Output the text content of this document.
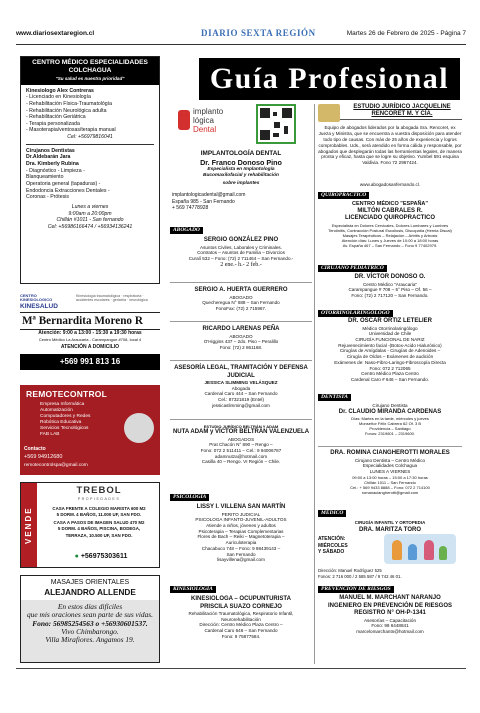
www.diariosextaregion.cl	DIARIO SEXTA REGIÓN	Martes 26 de Febrero de 2025 - Página 7
CENTRO MÉDICO ESPECIALIDADES COLCHAGUA
"Su salud es nuestra prioridad"
Kinesiologo Alex Contreras
- Licenciado en Kinesiología
- Rehabilitación Física-Traumatológía
- Rehabilitación Neurológica adulta
- Rehabilitación Geriátrica
- Terapia personalizada
- Masoterapia/ventosas/terapia manual
Cel: +56979816041
Cirujanos Dentistas
Dr.Aldebarán Jara
Dra. Kimberly Rubina
- Diagnóstico - Limpieza -
Blanqueamiento
Operatoria general (tapaduras) -
Endodoncia Extracciones Dentales -
Coronas - Prótesis
Lunes a viernes
9:00am a 20:00pm
Chillán #1011 - San fernando
Cel: +56986166474 / +56934136241
CENTRO KINESIOLOGICO
KINESALUD
Kinesiología traumatológica · respiratoria · accidentes escolares · geriatría · neurológica
Mª Bernardita Moreno R
Atención: 9:00 a 13:00 - 15:30 a 19:30 horas
Centro Médico La Araucaria - Carampangue #708, local 4
ATENCIÓN A DOMICILIO
+569 991 813 16
REMOTECONTROL
Empresa Informática
Automatización
Computadores y Redes
Robótica Educativa
Servicios Tecnológicos
FAB LAB
Contacto
+569 94912680
remotecontrolspa@gmail.com
VENDE
TREBOL
PROPIEDADES
CASA FRENTE A COLEGIO MARISTA 600 M2
5 DORM. 4 BAÑOS, 11.000 UF, SAN FDO.
CASA A PASOS DE IMAGEN SALUD 470 M2
5 DORM. 4 BAÑOS, PISCINA, BODEGA,
TERRAZA, 10.500 UF, SAN FDO.
● +56975303611
MASAJES ORIENTALES
ALEJANDRO ALLENDE
En estos días difíciles
que mis oraciones sean parte de sus vidas.
Fono: 56985254563 o +56930601537.
Vivo Chimbarongo.
Villa Mirafiores. Angamos 19.
Guía Profesional
implanto
lógica
Dental
IMPLANTOLOGÍA DENTAL
Dr. Franco Donoso Pino
Especialista en Implantología
Bucomaxilofacial y rehabilitación
sobre implantes
implantologicadental@gmail.com
España 985 - San Fernando
+ 569 74778928
ABOGADO
SERGIO GONZÁLEZ PINO
Asuntos Civiles, Laborales y Criminales.
Contratos – Asuntos de Familia – Divorcios
Curalí 532 – Fono: (72) 2 711464 – San Fernando.-
2 ene.- h.- 2 feb.-
SERGIO A. HUERTA GUERRERO
ABOGADO
Quecheregua N° 688 – San Fernando
FonoFax: (72) 2 715967.
RICARDO LARENAS PEÑA
ABOGADO
O'Higgins 437 – 2do. Piso – Peralillo
Fono: (72) 2 861168.
ASESORÍA LEGAL, TRAMITACIÓN Y DEFENSA JUDICIAL
JESSICA SLIMMING VELÁSQUEZ
Abogada
Cardenal Caro 444 – San Fernando
Cel.: 87321819 (Entel)
jessicaslimming@gmail.com
ESTUDIO JURÍDICO BELTRÁN Y ADAM
NUTA ADAM y VÍCTOR BELTRÁN VALENZUELA
ABOGADOS
Prat Chacón N° 890 – Rengo –
Fono: 072 2 511411 – Cel.: 9 94006787
adamnutza@hotmail.com
Casilla 40 – Rengo. VI Región – Chile.
PSICOLOGÍA
LISSY I. VILLENA SAN MARTÍN
PERITO JUDICIAL
PSICOLOGA INFANTO-JUVENIL-ADULTOS
Atiende a niños, jóvenes y adultos
Psicoterapia – Terapias Complementarias
Flores de Bach – Reiki – Magnetoterapia –
Auriculoterapia
Chacabuco 748 – Fono: 9 98439143 –
San Fernando
lisayvillena@gmail.com
KINESIOLOGÍA
KINESIOLOGA – OCUPUNTURISTA
PRISCILA SUAZO CORNEJO
Rehabilitación Traumatológica, Respiratorio Infantil,
Neurorehabilitación
Dirección: Centro Médico Plaza Centro –
Cardenal Caro 646 – San Fernando
Fono: 9 75877584.
ESTUDIO JURÍDICO JACQUELINE RENCORET M. Y CÍA.
Equipo de abogados liderados por la abogada Sra. Rencoret, ex Jueza y Ministra, que se encuentra a vuestra disposición para atender todo tipo de causas. Con más de 25 años de experiencia y logros comprobables. Uds., será atendido en forma cálida y responsable, por abogados que desplegarán todas las herramientas legales, de manera pronta y eficaz, hasta que se logre su objetivo. Yumbel 591 esquina Valdivia. Fono 72 2967424.
www.abogadosanfernando.cl.
QUIROPRÁCTICO
CENTRO MÉDICO "ESPAÑA"
MILTÓN CABRALES R.
LICENCIADO QUIROPRACTICO
Especialista en Dolores Cervicales, Dolores Lumbares y Lumbres
Tendinitis, Contracción Postural Escoliosis, Discopatía (Hernia Discal)
Masajes Terapéuticos – Relajación – Artritis y Artrosis
Atención días: Lunes y Jueves de 10:00 a 18:00 horas
Av. España 467 – San Fernando – Fono 9 77402979.
CIRUJANO PEDIÁTRICO
DR. VÍCTOR DONOSO O.
Centro Médico "Araucaria"
Carampangue # 708 – 5° Piso – Of. 56 –
Fono: (72) 2 717120 – San Fernando.
OTORRINOLARINGÓLOGO
DR. ÓSCAR ORTIZ LETELIER
Médico Otorrinolaringólogo
Universidad de Chile
CIRUGÍA FUNCIONAL DE NARIZ
Rejuvenecimiento facial -(Botox-Acido Hialurónico)
Cirugías de Amígdalas - Cirugías de Adenoides –
Cirugía de Oídos – Exámenes de audición
Exámenes de: Naso-Fibro-Laringo-Fibroscopía Directa
Fono: 072 2 712065
Centro Médico Plaza Centro
Cardenal Caro # 646 – San Fernando.
DENTISTA
Cirujano Dentista
Dr. CLAUDIO MIRANDA CARDENAS
Días: Martes en la tarde, miércoles y jueves
Monseñor Félix Cabrera 62 Of. 3 B
Providencia – Santiago
Fonos: 2319601 – 2319600.
DRA. ROMINA CIANGHEROTTI MORALES
Cirujano Dentista – Centro Médico
Especialidades Colchagua
LUNES A VIERNES
09:00 a 13:00 horas – 15:00 a 17:30 horas
Chillán 1011 – San Fernando
Cel.: + 569 9433 8888 – Fono: 072 2 714100
romanaciangherotti@gmail.com
MÉDICO
CIRUGÍA INFANTIL Y ORTOPEDIA
DRA. MARITZA TORO
ATENCIÓN:
MIÉRCOLES
Y SÁBADO
Dirección: Manuel Rodríguez 525
Fonos: 2 716 000 / 2 585 587 / 9 742 46 01.
PREVENCIÓN DE RIESGOS
MANUEL M. MARCHANT NARANJO
INGENIERO EN PREVENCIÓN DE RIESGOS
REGISTRO N° OH-P-1341
Asesorías – Capacitación
Fono: 99 6448841
marcelomarchantn@hotmail.com
